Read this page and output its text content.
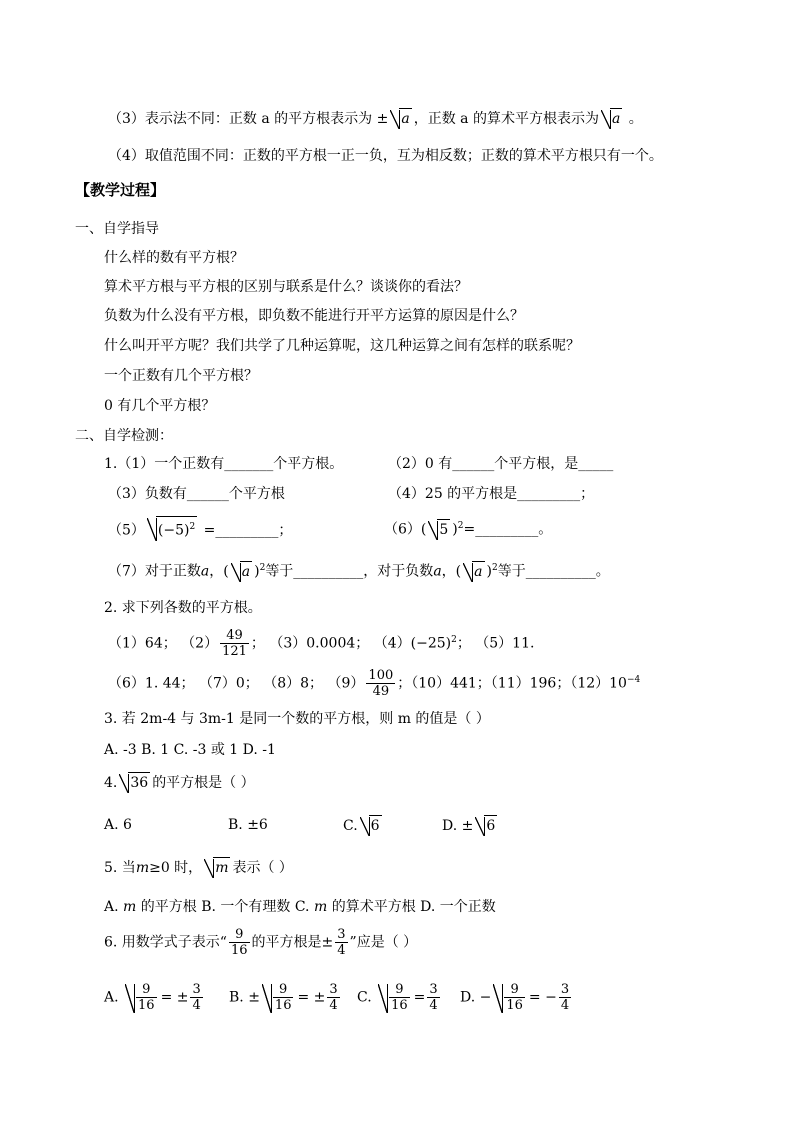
（3）表示法不同：正数 a 的平方根表示为 ± a ，正数 a 的算术平方根表示为 a 。
（4）取值范围不同：正数的平方根一正一负，互为相反数；正数的算术平方根只有一个。
【教学过程】
一、自学指导
什么样的数有平方根？
算术平方根与平方根的区别与联系是什么？谈谈你的看法？
负数为什么没有平方根，即负数不能进行开平方运算的原因是什么？
什么叫开平方呢？我们共学了几种运算呢，这几种运算之间有怎样的联系呢？
一个正数有几个平方根？
0 有几个平方根？
二、自学检测：
1.（1）一个正数有_______个平方根。	（2）0 有______个平方根，是_____
（3）负数有______个平方根	（4）25 的平方根是_________；
（5） $(-5)^2$ =_________；	（6）( 5 )$^2$=_________。
（7）对于正数a，( a )$^2$等于__________，对于负数a，( a )$^2$等于__________。
2. 求下列各数的平方根。
（1）64； $(2) \frac{49}{121}$ ； （3）0.0004； $(4)(-25)^2$； （5）11.
（6）1. 44； （7）0； （8）8； $(9) \frac{100}{49}$ ；（10）441；（11）196；$(12)10^{-4}$
3. 若 2m-4 与 3m-1 是同一个数的平方根，则 m 的值是（ ）
A. -3 B. 1 C. -3 或 1 D. -1
4. 36 的平方根是（ ）
A. 6	B. ±6	C. 6	D. ± 6
5. 当m≥0 时， m 表示（ ）
A. m 的平方根 B. 一个有理数 C. m 的算术平方根 D. 一个正数
6. 用数学式子表示“ $\frac{9}{16}$ 的平方根是± $\frac{3}{4}$ ”应是（ ）
A. $\frac{9}{16}$ = ± $\frac{3}{4} B$. ± $\frac{9}{16}$ = ± $\frac{3}{4} C$. $\frac{9}{16} = \frac{3}{4} D$. − $\frac{9}{16}$ = − $\frac{3}{4}$
